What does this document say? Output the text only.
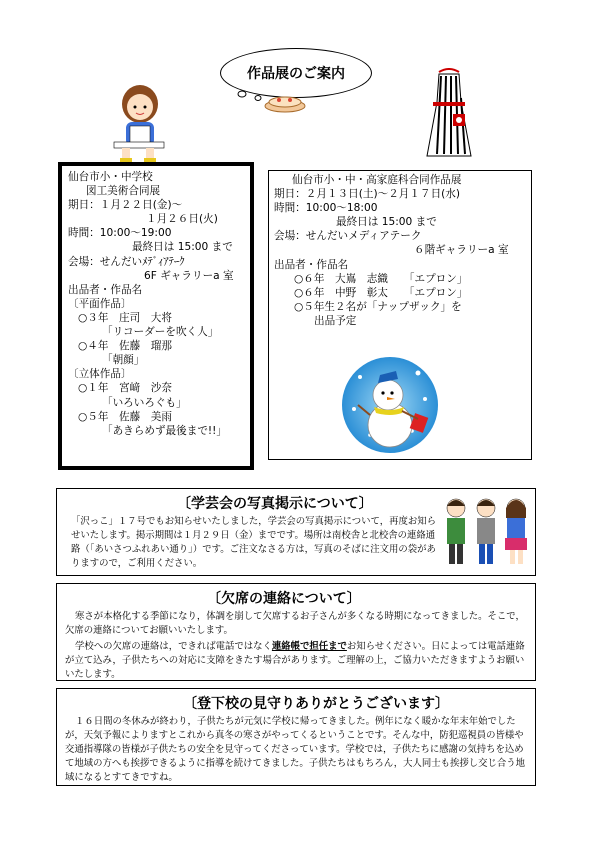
作品展のご案内
仙台市小・中学校
図工美術合同展
期日：１月２２日(金)～
１月２６日(火)
時間：10:00～19:00
最終日は 15:00 まで
会場：せんだいﾒﾃﾞｨｱﾃｰｸ
6F ギャラリーa 室
出品者・作品名
〔平面作品〕
○３年　庄司　大将
「リコーダーを吹く人」
○４年　佐藤　瑠那
「朝顔」
〔立体作品〕
○１年　宮﨑　沙奈
「いろいろぐも」
○５年　佐藤　美雨
「あきらめず最後まで!!」
仙台市小・中・高家庭科合同作品展
期日：２月１３日(土)～２月１７日(水)
時間：10:00～18:00
最終日は 15:00 まで
会場：せんだいメディアテーク
６階ギャラリーa 室
出品者・作品名
○６年　大嶌　志織　　「エプロン」
○６年　中野　彰太　　「エプロン」
○５年生２名が「ナップザック」を
出品予定
〔学芸会の写真掲示について〕
「沢っこ」１７号でもお知らせいたしました，学芸会の写真掲示について，再度お知らせいたします。掲示期間は１月２９日（金）までです。場所は南校舎と北校舎の連絡通路（「あいさつふれあい通り」）です。ご注文なさる方は，写真のそばに注文用の袋がありますので，ご利用ください。
〔欠席の連絡について〕
寒さが本格化する季節になり，体調を崩して欠席するお子さんが多くなる時期になってきました。そこで，欠席の連絡についてお願いいたします。
学校への欠席の連絡は，できれば電話ではなく連絡帳で担任までお知らせください。日によっては電話連絡が立て込み，子供たちへの対応に支障をきたす場合があります。ご理解の上，ご協力いただきますようお願いいたします。
〔登下校の見守りありがとうございます〕
１６日間の冬休みが終わり，子供たちが元気に学校に帰ってきました。例年になく暖かな年末年始でしたが，天気予報によりますとこれから真冬の寒さがやってくるということです。そんな中，防犯巡視員の皆様や交通指導隊の皆様が子供たちの安全を見守ってくださっています。学校では，子供たちに感謝の気持ちを込めて地域の方へも挨拶できるように指導を続けてきました。子供たちはもちろん，大人同士も挨拶し交じ合う地域になるとすてきですね。
